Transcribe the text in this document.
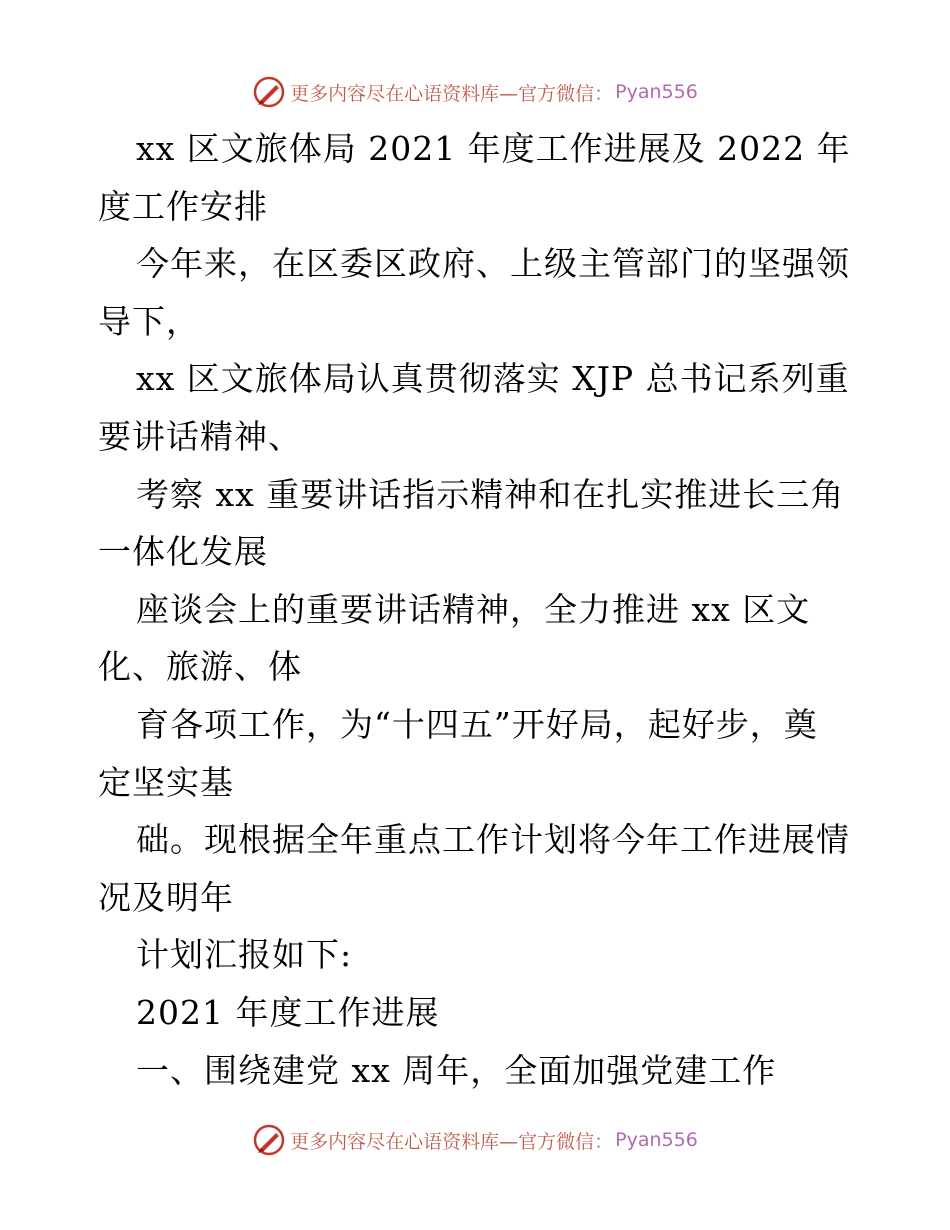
更多内容尽在心语资料库—官方微信： Pyan556
xx 区文旅体局 2021 年度工作进展及 2022 年
度工作安排
今年来，在区委区政府、上级主管部门的坚强领
导下，
xx 区文旅体局认真贯彻落实 XJP 总书记系列重
要讲话精神、
考察 xx 重要讲话指示精神和在扎实推进长三角
一体化发展
座谈会上的重要讲话精神，全力推进 xx 区文
化、旅游、体
育各项工作，为“十四五”开好局，起好步，奠
定坚实基
础。现根据全年重点工作计划将今年工作进展情
况及明年
计划汇报如下:
2021 年度工作进展
一、围绕建党 xx 周年，全面加强党建工作
更多内容尽在心语资料库—官方微信： Pyan556
